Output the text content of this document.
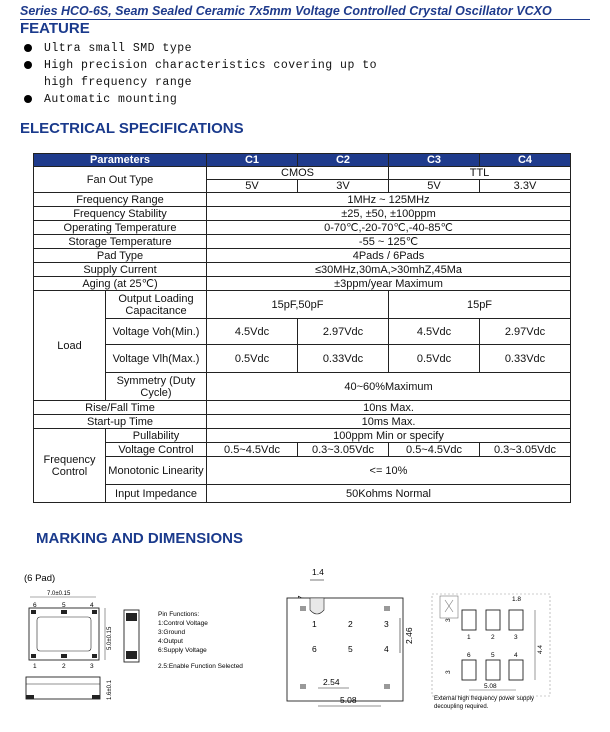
Series HCO-6S, Seam Sealed Ceramic 7x5mm Voltage Controlled Crystal Oscillator VCXO
FEATURE
Ultra small SMD type
High precision characteristics covering up to
high frequency range
Automatic mounting
ELECTRICAL SPECIFICATIONS
Parameters		C1	C2	C3	C4
Fan Out Type		CMOS		TTL	
		5V	3V	5V	3.3V
Frequency Range		1MHz ~ 125MHz			
Frequency Stability		±25, ±50, ±100ppm			
Operating Temperature		0-70℃,-20-70℃,-40-85℃			
Storage Temperature		-55 ~ 125℃			
Pad Type		4Pads / 6Pads			
Supply Current		≤30MHz,30mA,>30mhZ,45Ma			
Aging (at 25℃)		±3ppm/year Maximum			
Load	Output Loading Capacitance	15pF,50pF		15pF	
	Voltage Voh(Min.)	4.5Vdc	2.97Vdc	4.5Vdc	2.97Vdc
	Voltage Vlh(Max.)	0.5Vdc	0.33Vdc	0.5Vdc	0.33Vdc
	Symmetry (Duty Cycle)	40~60%Maximum			
Rise/Fall Time		10ns Max.			
Start-up Time		10ms Max.			
Frequency Control	Pullability	100ppm Min or specify			
	Voltage Control	0.5~4.5Vdc	0.3~3.05Vdc	0.5~4.5Vdc	0.3~3.05Vdc
	Monotonic Linearity	<= 10%			
	Input Impedance	50Kohms Normal			
MARKING AND DIMENSIONS
(6 Pad)
7.0±0.15
6	5	4
1	2	3
5.0±0.15
1.6±0.1
Pin Functions:
1:Control Voltage
3:Ground
4:Output
6:Supply Voltage
2.5:Enable Function Selected
1.4
1	2	3
6	5	4
2.46
2.54
5.08
1.8
1	2	3
6	5	4
3
3
4.4
5.08
External high frequency power supply
decoupling required.
